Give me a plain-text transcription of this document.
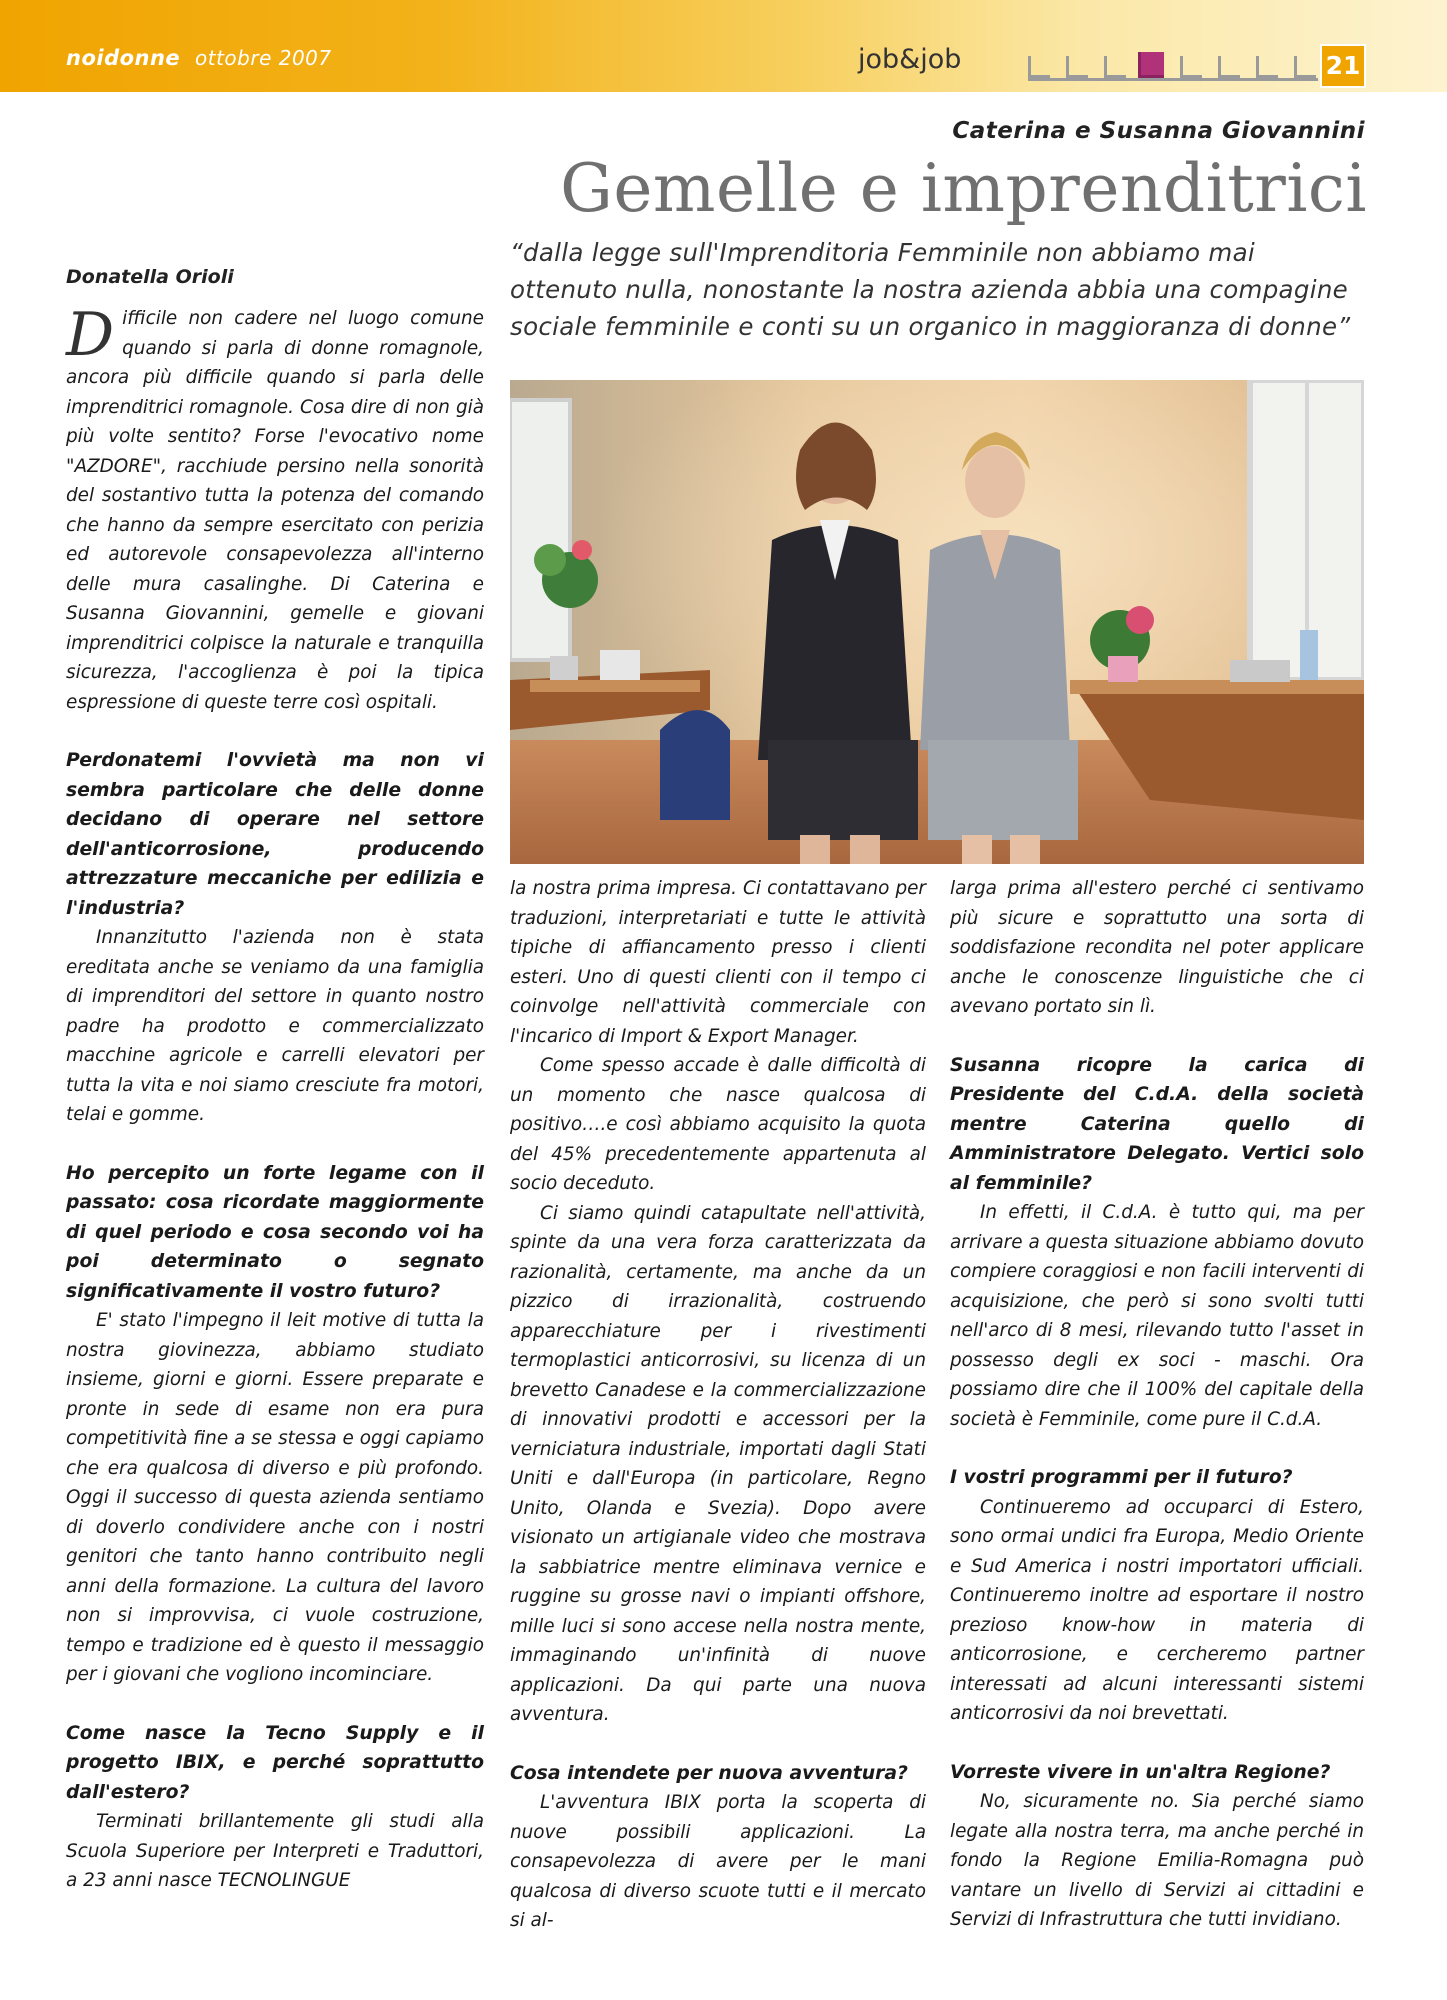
noidonne ottobre 2007	job&job	21
Caterina e Susanna Giovannini
Gemelle e imprenditrici
“dalla legge sull'Imprenditoria Femminile non abbiamo mai ottenuto nulla, nonostante la nostra azienda abbia una compagine sociale femminile e conti su un organico in maggioranza di donne”
Donatella Orioli

Difficile non cadere nel luogo comune quando si parla di donne romagnole, ancora più difficile quando si parla delle imprenditrici romagnole. Cosa dire di non già più volte sentito? Forse l'evocativo nome "AZDORE", racchiude persino nella sonorità del sostantivo tutta la potenza del comando che hanno da sempre esercitato con perizia ed autorevole consapevolezza all'interno delle mura casalinghe. Di Caterina e Susanna Giovannini, gemelle e giovani imprenditrici colpisce la naturale e tranquilla sicurezza, l'accoglienza è poi la tipica espressione di queste terre così ospitali.

Perdonatemi l'ovvietà ma non vi sembra particolare che delle donne decidano di operare nel settore dell'anticorrosione, producendo attrezzature meccaniche per edilizia e l'industria?

Innanzitutto l'azienda non è stata ereditata anche se veniamo da una famiglia di imprenditori del settore in quanto nostro padre ha prodotto e commercializzato macchine agricole e carrelli elevatori per tutta la vita e noi siamo cresciute fra motori, telai e gomme.

Ho percepito un forte legame con il passato: cosa ricordate maggiormente di quel periodo e cosa secondo voi ha poi determinato o segnato significativamente il vostro futuro?

E' stato l'impegno il leit motive di tutta la nostra giovinezza, abbiamo studiato insieme, giorni e giorni. Essere preparate e pronte in sede di esame non era pura competitività fine a se stessa e oggi capiamo che era qualcosa di diverso e più profondo. Oggi il successo di questa azienda sentiamo di doverlo condividere anche con i nostri genitori che tanto hanno contribuito negli anni della formazione. La cultura del lavoro non si improvvisa, ci vuole costruzione, tempo e tradizione ed è questo il messaggio per i giovani che vogliono incominciare.

Come nasce la Tecno Supply e il progetto IBIX, e perché soprattutto dall'estero?

Terminati brillantemente gli studi alla Scuola Superiore per Interpreti e Traduttori, a 23 anni nasce TECNOLINGUE

la nostra prima impresa. Ci contattavano per traduzioni, interpretariati e tutte le attività tipiche di affiancamento presso i clienti esteri. Uno di questi clienti con il tempo ci coinvolge nell'attività commerciale con l'incarico di Import & Export Manager.

Come spesso accade è dalle difficoltà di un momento che nasce qualcosa di positivo….e così abbiamo acquisito la quota del 45% precedentemente appartenuta al socio deceduto.

Ci siamo quindi catapultate nell'attività, spinte da una vera forza caratterizzata da razionalità, certamente, ma anche da un pizzico di irrazionalità, costruendo apparecchiature per i rivestimenti termoplastici anticorrosivi, su licenza di un brevetto Canadese e la commercializzazione di innovativi prodotti e accessori per la verniciatura industriale, importati dagli Stati Uniti e dall'Europa (in particolare, Regno Unito, Olanda e Svezia). Dopo avere visionato un artigianale video che mostrava la sabbiatrice mentre eliminava vernice e ruggine su grosse navi o impianti offshore, mille luci si sono accese nella nostra mente, immaginando un'infinità di nuove applicazioni. Da qui parte una nuova avventura.

Cosa intendete per nuova avventura?

L'avventura IBIX porta la scoperta di nuove possibili applicazioni. La consapevolezza di avere per le mani qualcosa di diverso scuote tutti e il mercato si al-

larga prima all'estero perché ci sentivamo più sicure e soprattutto una sorta di soddisfazione recondita nel poter applicare anche le conoscenze linguistiche che ci avevano portato sin lì.

Susanna ricopre la carica di Presidente del C.d.A. della società mentre Caterina quello di Amministratore Delegato. Vertici solo al femminile?

In effetti, il C.d.A. è tutto qui, ma per arrivare a questa situazione abbiamo dovuto compiere coraggiosi e non facili interventi di acquisizione, che però si sono svolti tutti nell'arco di 8 mesi, rilevando tutto l'asset in possesso degli ex soci - maschi. Ora possiamo dire che il 100% del capitale della società è Femminile, come pure il C.d.A.

I vostri programmi per il futuro?

Continueremo ad occuparci di Estero, sono ormai undici fra Europa, Medio Oriente e Sud America i nostri importatori ufficiali. Continueremo inoltre ad esportare il nostro prezioso know-how in materia di anticorrosione, e cercheremo partner interessati ad alcuni interessanti sistemi anticorrosivi da noi brevettati.

Vorreste vivere in un'altra Regione?

No, sicuramente no. Sia perché siamo legate alla nostra terra, ma anche perché in fondo la Regione Emilia-Romagna può vantare un livello di Servizi ai cittadini e Servizi di Infrastruttura che tutti invidiano.
